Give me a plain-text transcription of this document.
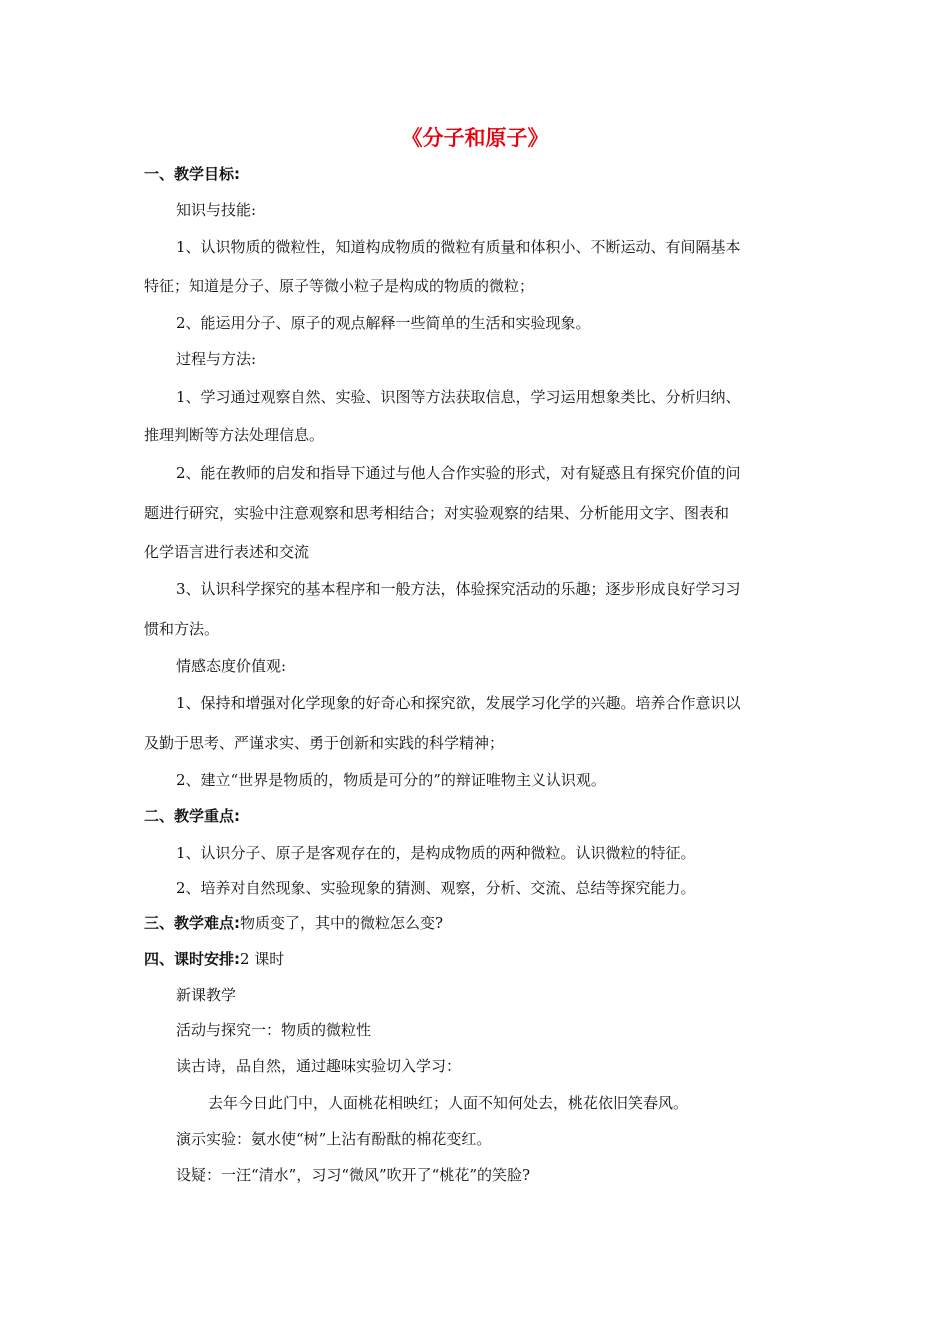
《分子和原子》
一、教学目标:
知识与技能:
1、认识物质的微粒性，知道构成物质的微粒有质量和体积小、不断运动、有间隔基本
特征；知道是分子、原子等微小粒子是构成的物质的微粒；
2、能运用分子、原子的观点解释一些简单的生活和实验现象。
过程与方法:
1、学习通过观察自然、实验、识图等方法获取信息，学习运用想象类比、分析归纳、
推理判断等方法处理信息。
2、能在教师的启发和指导下通过与他人合作实验的形式，对有疑惑且有探究价值的问
题进行研究，实验中注意观察和思考相结合；对实验观察的结果、分析能用文字、图表和
化学语言进行表述和交流
3、认识科学探究的基本程序和一般方法，体验探究活动的乐趣；逐步形成良好学习习
惯和方法。
情感态度价值观:
1、保持和增强对化学现象的好奇心和探究欲，发展学习化学的兴趣。培养合作意识以
及勤于思考、严谨求实、勇于创新和实践的科学精神；
2、建立“世界是物质的，物质是可分的”的辩证唯物主义认识观。
二、教学重点:
1、认识分子、原子是客观存在的，是构成物质的两种微粒。认识微粒的特征。
2、培养对自然现象、实验现象的猜测、观察，分析、交流、总结等探究能力。
三、教学难点:物质变了，其中的微粒怎么变?
四、课时安排:2 课时
新课教学
活动与探究一：物质的微粒性
读古诗，品自然，通过趣味实验切入学习：
去年今日此门中，人面桃花相映红；人面不知何处去，桃花依旧笑春风。
演示实验：氨水使“树”上沾有酚酞的棉花变红。
设疑：一汪“清水”，习习“微风”吹开了“桃花”的笑脸?
